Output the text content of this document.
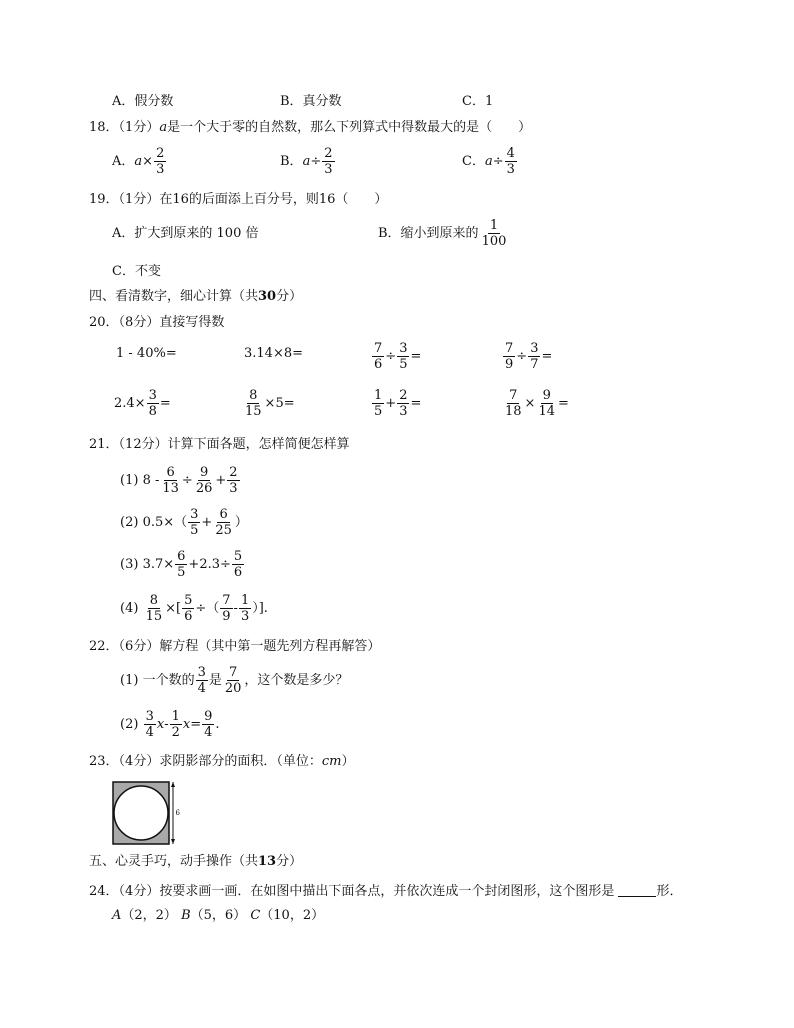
A．假分数	B．真分数	C．1
18．（1分）a是一个大于零的自然数，那么下列算式中得数最大的是（　　）
A．$a\times \frac{2}{3}$	B．$a\div \frac{2}{3}$	C．$a\div \frac{4}{3}$
19．（1分）在16的后面添上百分号，则16（　　）
A．扩大到原来的 100 倍	B．缩小到原来的 $\frac{1}{100}$
C．不变
四、看清数字，细心计算（共30分）
20．（8分）直接写得数
1 - 40%=	3.14×8=	$\frac{7}{6} \div \frac{3}{5}$ =	$\frac{7}{9} \div \frac{3}{7}$ =
$2.4\times \frac{3}{8}$ =	$\frac{8}{15} \times 5=$	$\frac{1}{5} + \frac{2}{3}$ =	$\frac{7}{18} \times \frac{9}{14}$ =
21．（12分）计算下面各题，怎样简便怎样算
(1) $8 - \frac{6}{13} \div \frac{9}{26} + \frac{2}{3}$
(2) $0.5\times( \frac{3}{5} + \frac{6}{25}$ ）
(3) $3.7\times \frac{6}{5} +2.3\div \frac{5}{6}$
$(4) \frac{8}{15}$ ×[ $\frac{5}{6}$ ÷（ $\frac{7}{9} - \frac{1}{3}$ ）].
22．（6分）解方程（其中第一题先列方程再解答）
(1) 一个数的 $\frac{3}{4}$ 是 $\frac{7}{20}$ ，这个数是多少？
$(2) \frac{3}{4} x- \frac{1}{2} x= \frac{9}{4}$ .
23．（4分）求阴影部分的面积．（单位：cm）
6
五、心灵手巧，动手操作（共13分）
24．（4分）按要求画一画．在如图中描出下面各点，并依次连成一个封闭图形，这个图形是	形．
A（2，2） B（5，6） C（10，2）
